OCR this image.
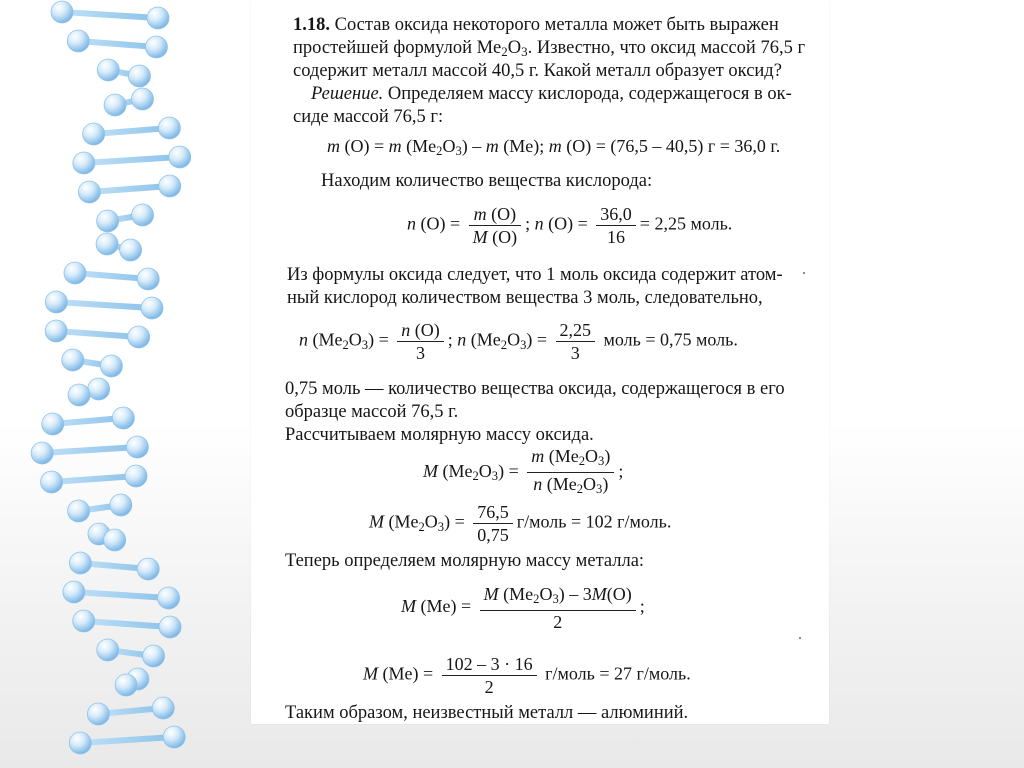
1.18. Состав оксида некоторого металла может быть выражен
простейшей формулой $Me_2O_3$. Известно, что оксид массой 76,5 г
содержит металл массой 40,5 г. Какой металл образует оксид?
Решение. Определяем массу кислорода, содержащегося в ок-
сиде массой 76,5 г:
m (O) = m $(Me_2O_3)$ – m (Me); m (O) = (76,5 – 40,5) г = 36,0 г.
Находим количество вещества кислорода:
n $(O) = \frac{m (O)}{M (O)}$ ; n $(O) = \frac{36,0}{16} = 2,25$ моль.
Из формулы оксида следует, что 1 моль оксида содержит атом-
ный кислород количеством вещества 3 моль, следовательно,
n $(Me_2O_3) = \frac{n (O)}{3}$ ; n $(Me_2O_3) = \frac{2,25}{3}$ моль = 0,75 моль.
0,75 моль — количество вещества оксида, содержащегося в его
образце массой 76,5 г.
Рассчитываем молярную массу оксида.
M $(Me_2O_3) = \frac{m (Me_2O_3)}{n (Me_2O_3)}$ ;
M $(Me_2O_3) = \frac{76,5}{0,75}$ г/моль = 102 г/моль.
Теперь определяем молярную массу металла:
M $(Me) = \frac{M (Me_2O_3) - 3M(O)}{2}$ ;
M $(Me) = \frac{102 - 3 \cdot 16}{2}$ г/моль = 27 г/моль.
Таким образом, неизвестный металл — алюминий.
